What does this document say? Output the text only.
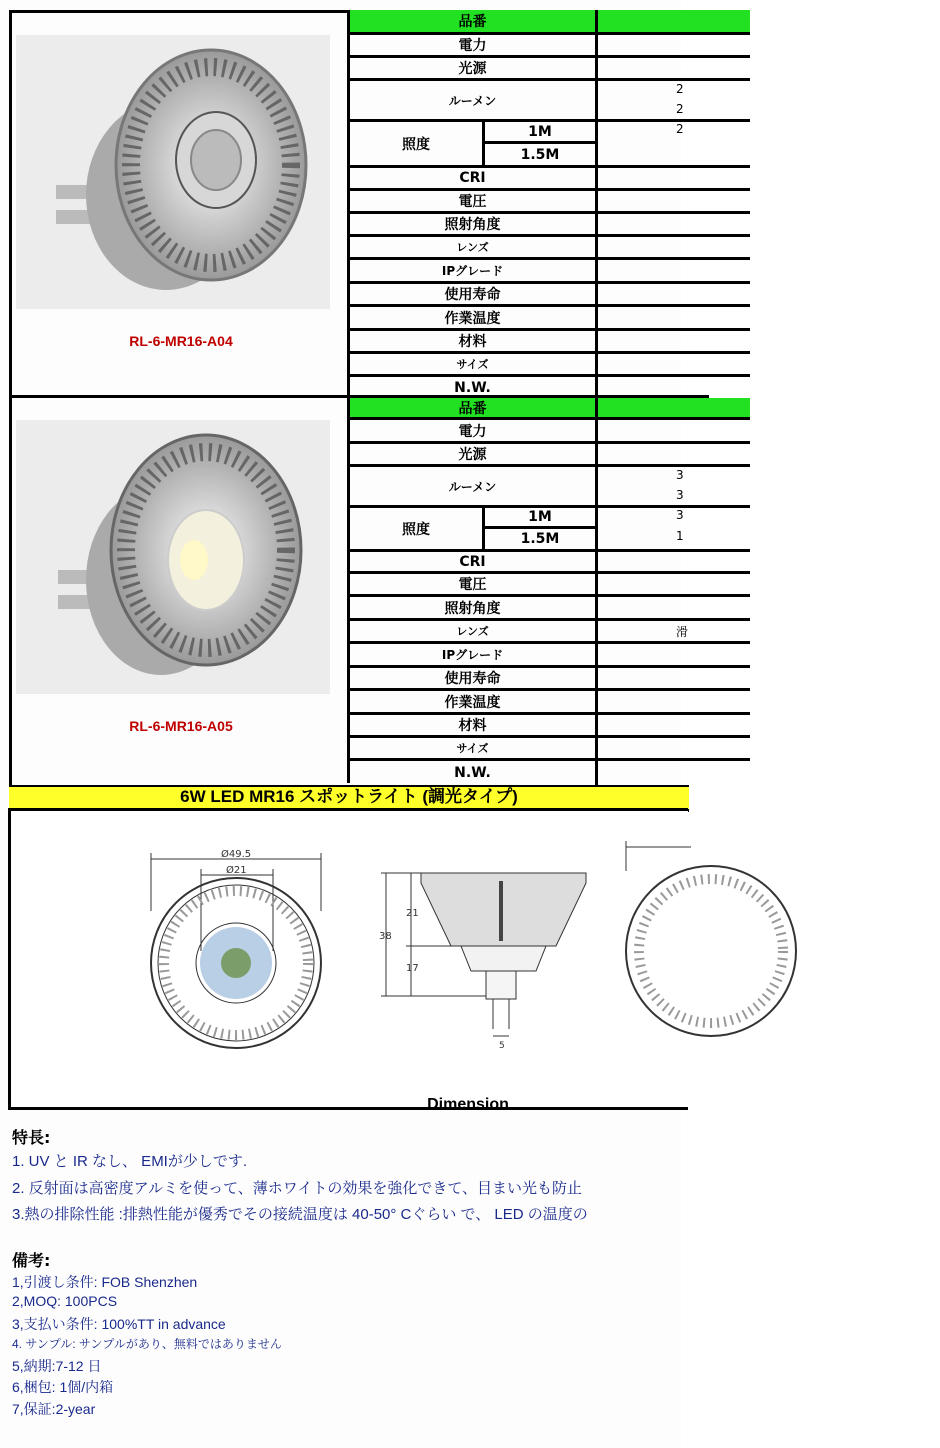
RL-6-MR16-A04
品番
電力
光源
ルーメン
2
2
照度
1M
1.5M
2
CRI
電圧
照射角度
レンズ
IPグレード
使用寿命
作業温度
材料
サイズ
N.W.
RL-6-MR16-A05
品番
電力
光源
ルーメン
3
3
照度
1M
1.5M
3
1
CRI
電圧
照射角度
レンズ	滑
IPグレード
使用寿命
作業温度
材料
サイズ
N.W.
6W LED MR16 スポットライト (調光タイプ)
Ø49.5
Ø21
21
38
17
5
Dimension
特長:
1. UV と IR なし、 EMIが少しです.
2. 反射面は高密度アルミを使って、薄ホワイトの効果を強化できて、目まい光も防止
3.熱の排除性能 :排熱性能が優秀でその接続温度は 40-50° Cぐらい で、 LED の温度の
備考:
1,引渡し条件: FOB Shenzhen
2,MOQ: 100PCS
3,支払い条件: 100%TT in advance
4. サンプル: サンプルがあり、無料ではありません
5,納期:7-12 日
6,梱包: 1個/内箱
7,保証:2-year
